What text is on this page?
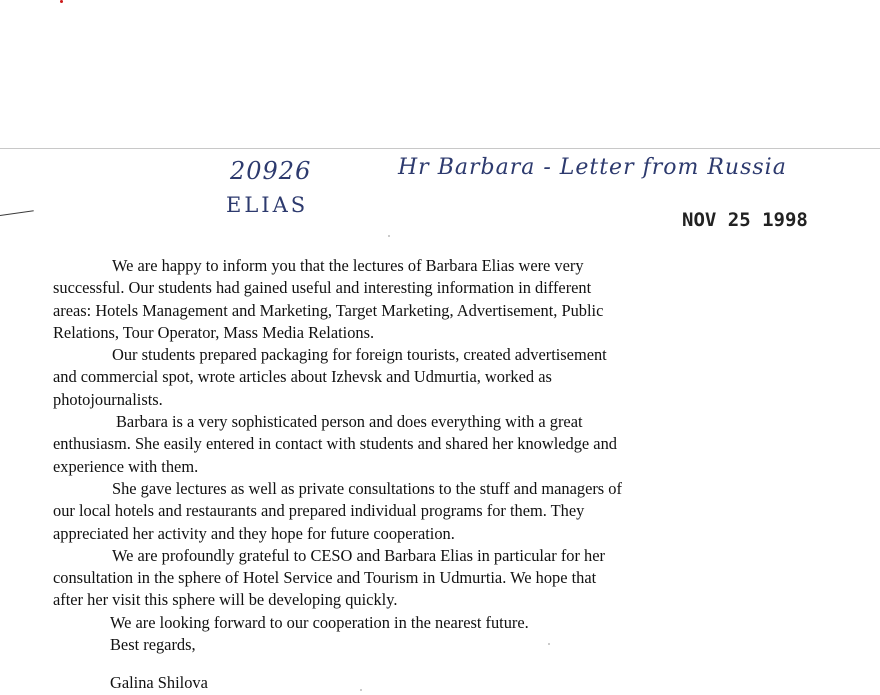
20926
ELIAS
Hr Barbara - Letter from Russia
NOV 25 1998

We are happy to inform you that the lectures of Barbara Elias were very
successful. Our students had gained useful and interesting information in different
areas: Hotels Management and Marketing, Target Marketing, Advertisement, Public
Relations, Tour Operator, Mass Media Relations.

Our students prepared packaging for foreign tourists, created advertisement
and commercial spot, wrote articles about Izhevsk and Udmurtia, worked as
photojournalists.

Barbara is a very sophisticated person and does everything with a great
enthusiasm. She easily entered in contact with students and shared her knowledge and
experience with them.

She gave lectures as well as private consultations to the stuff and managers of
our local hotels and restaurants and prepared individual programs for them. They
appreciated her activity and they hope for future cooperation.

We are profoundly grateful to CESO and Barbara Elias in particular for her
consultation in the sphere of Hotel Service and Tourism in Udmurtia. We hope that
after her visit this sphere will be developing quickly.

We are looking forward to our cooperation in the nearest future.
Best regards,

Galina Shilova
